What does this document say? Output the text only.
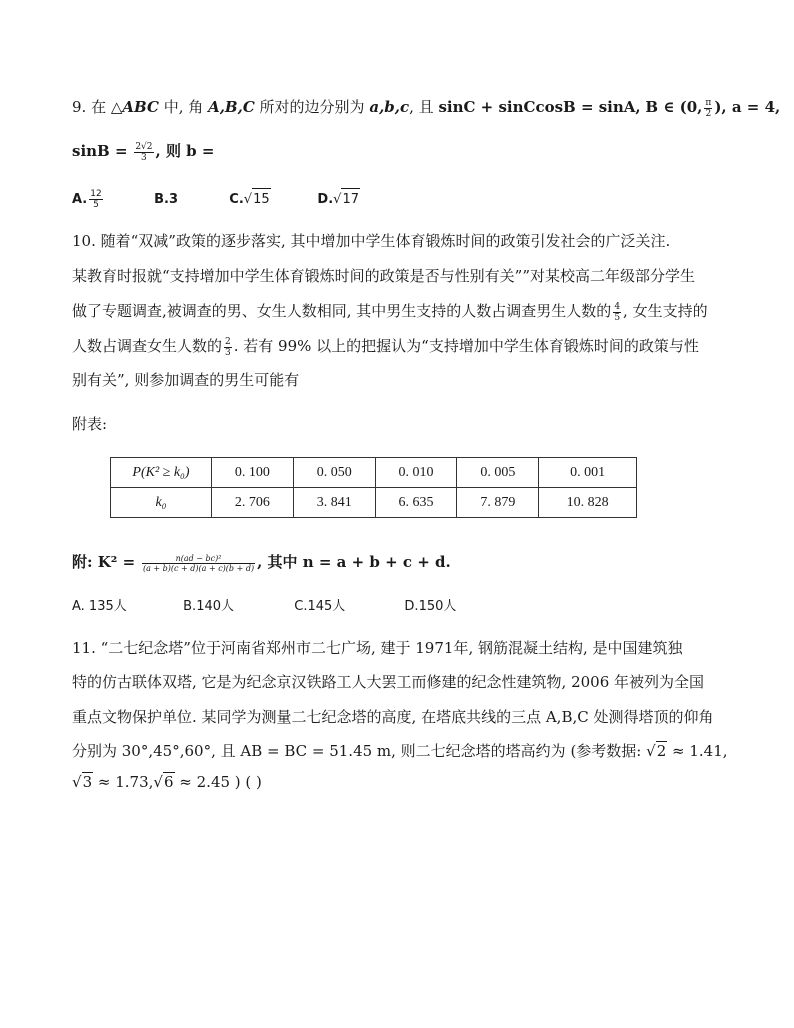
9. 在 △ABC 中, 角 A,B,C 所对的边分别为 a,b,c, 且 sinC + sinCcosB = sinA, B ∈ (0, $\frac{\pi}{2}$ ), a = 4,
$\sin B = \frac{2√2}{3}$ , 则 b =
A. $\frac{12}{5}$	B.3	C.√15	D.√17
10. 随着“双减”政策的逐步落实, 其中增加中学生体育锻炼时间的政策引发社会的广泛关注.
某教育时报就“支持增加中学生体育锻炼时间的政策是否与性别有关””对某校高二年级部分学生
做了专题调查,被调查的男、女生人数相同, 其中男生支持的人数占调查男生人数的 $\frac{4}{5}$ , 女生支持的
人数占调查女生人数的 $\frac{2}{3}$ . 若有 99% 以上的把握认为“支持增加中学生体育锻炼时间的政策与性
别有关”, 则参加调查的男生可能有
附表:
P(K² ≥ k₀)	0. 100	0. 050	0. 010	0. 005	0. 001
k₀	2. 706	3. 841	6. 635	7. 879	10. 828
附: $K^2 = \frac{\text{n(ad − bc)²}}{(a + b)(c + d)(a + c)(b + d)}$ , 其中 n = a + b + c + d.
A. 135人	B.140人	C.145人	D.150人
11. “二七纪念塔”位于河南省郑州市二七广场, 建于 1971年, 钢筋混凝土结构, 是中国建筑独
特的仿古联体双塔, 它是为纪念京汉铁路工人大罢工而修建的纪念性建筑物, 2006 年被列为全国
重点文物保护单位. 某同学为测量二七纪念塔的高度, 在塔底共线的三点 A,B,C 处测得塔顶的仰角
分别为 30°,45°,60°, 且 AB = BC = 51.45 m, 则二七纪念塔的塔高约为 (参考数据: √2 ≈ 1.41,
√3 ≈ 1.73,√6 ≈ 2.45 ) ( )
